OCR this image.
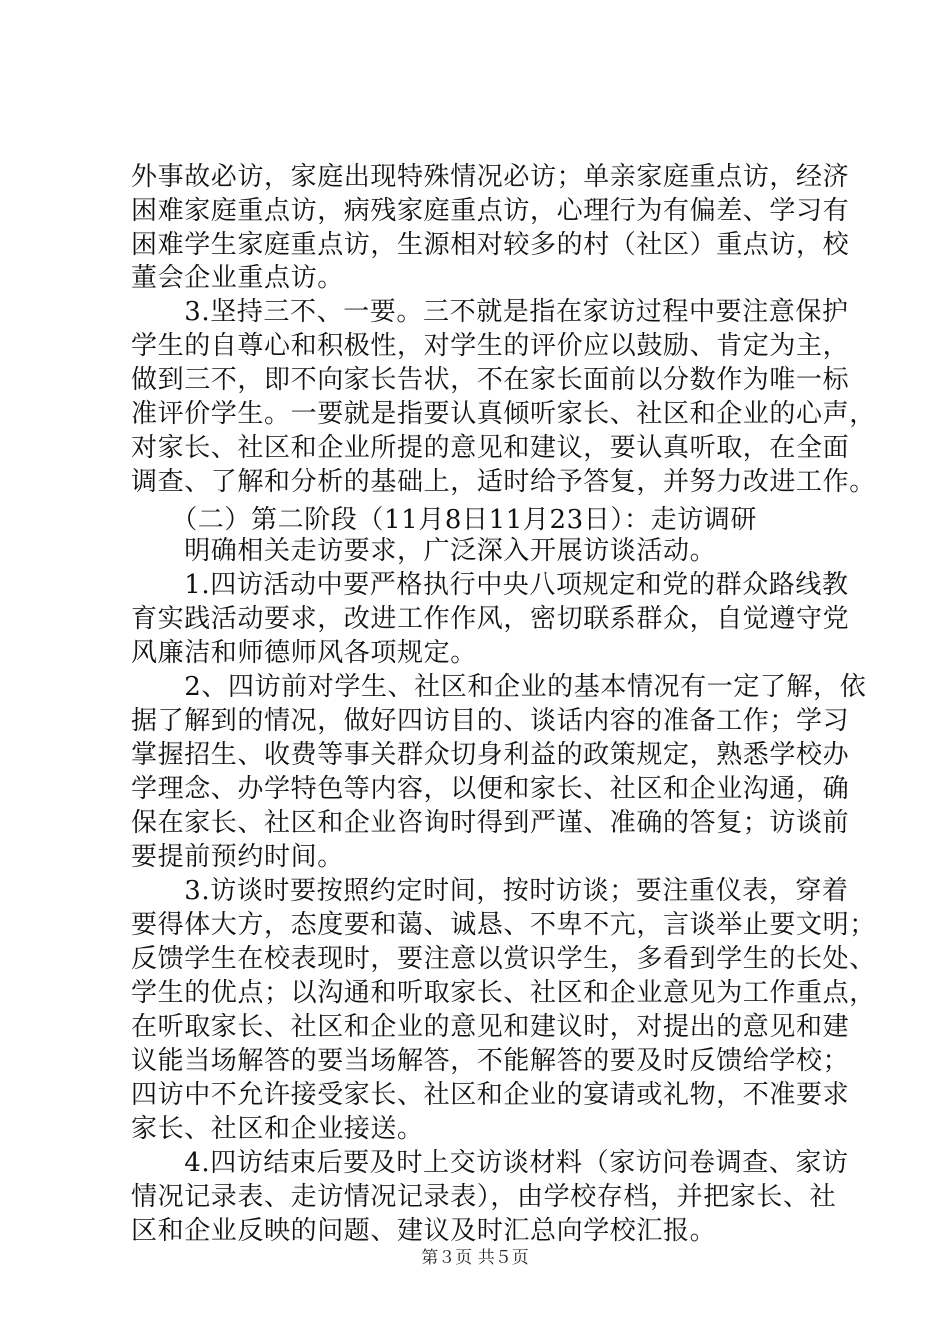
外事故必访，家庭出现特殊情况必访；单亲家庭重点访，经济
困难家庭重点访，病残家庭重点访，心理行为有偏差、学习有
困难学生家庭重点访，生源相对较多的村（社区）重点访，校
董会企业重点访。
　　3.坚持三不、一要。三不就是指在家访过程中要注意保护
学生的自尊心和积极性，对学生的评价应以鼓励、肯定为主，
做到三不，即不向家长告状，不在家长面前以分数作为唯一标
准评价学生。一要就是指要认真倾听家长、社区和企业的心声，
对家长、社区和企业所提的意见和建议，要认真听取，在全面
调查、了解和分析的基础上，适时给予答复，并努力改进工作。
　　（二）第二阶段（11月8日11月23日）：走访调研
　　明确相关走访要求，广泛深入开展访谈活动。
　　1.四访活动中要严格执行中央八项规定和党的群众路线教
育实践活动要求，改进工作作风，密切联系群众，自觉遵守党
风廉洁和师德师风各项规定。
　　2、四访前对学生、社区和企业的基本情况有一定了解，依
据了解到的情况，做好四访目的、谈话内容的准备工作；学习
掌握招生、收费等事关群众切身利益的政策规定，熟悉学校办
学理念、办学特色等内容，以便和家长、社区和企业沟通，确
保在家长、社区和企业咨询时得到严谨、准确的答复；访谈前
要提前预约时间。
　　3.访谈时要按照约定时间，按时访谈；要注重仪表，穿着
要得体大方，态度要和蔼、诚恳、不卑不亢，言谈举止要文明；
反馈学生在校表现时，要注意以赏识学生，多看到学生的长处、
学生的优点；以沟通和听取家长、社区和企业意见为工作重点，
在听取家长、社区和企业的意见和建议时，对提出的意见和建
议能当场解答的要当场解答，不能解答的要及时反馈给学校；
四访中不允许接受家长、社区和企业的宴请或礼物，不准要求
家长、社区和企业接送。
　　4.四访结束后要及时上交访谈材料（家访问卷调查、家访
情况记录表、走访情况记录表），由学校存档，并把家长、社
区和企业反映的问题、建议及时汇总向学校汇报。
第３页 共５页
